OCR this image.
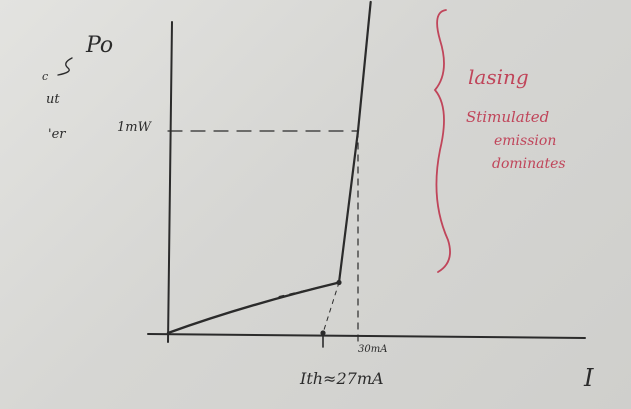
Po
I
c
ut
'er	1mW
30mA
Ith≈27mA
lasing
Stimulated
emission
dominates
